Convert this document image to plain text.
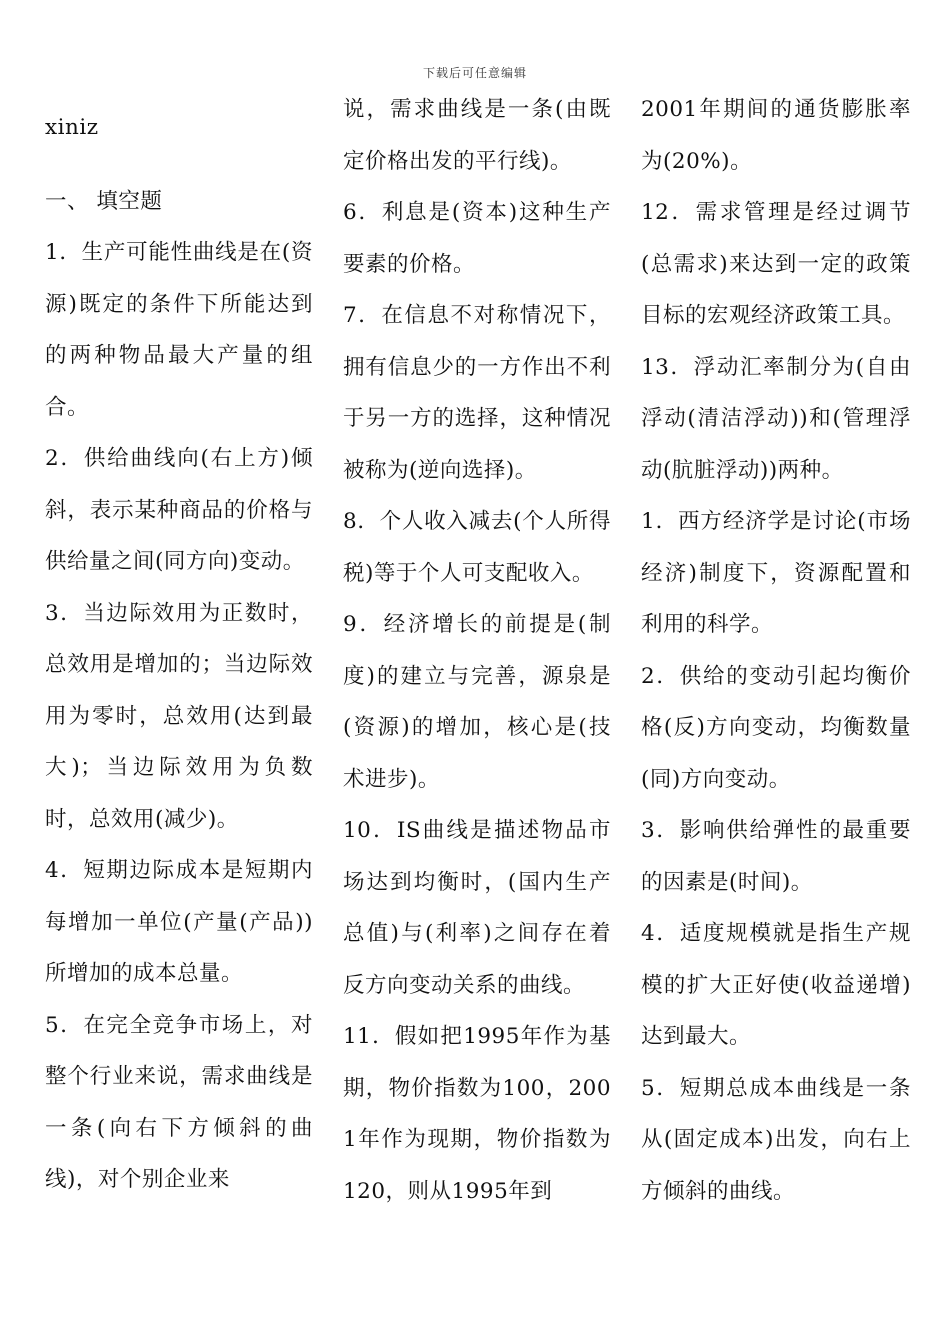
下载后可任意编辑

xiniz

一、 填空题

1．生产可能性曲线是在(资源)既定的条件下所能达到的两种物品最大产量的组合。

2．供给曲线向(右上方)倾斜，表示某种商品的价格与供给量之间(同方向)变动。

3．当边际效用为正数时，总效用是增加的；当边际效用为零时，总效用(达到最大)；当边际效用为负数时，总效用(减少)。

4．短期边际成本是短期内每增加一单位(产量(产品))所增加的成本总量。

5．在完全竞争市场上，对整个行业来说，需求曲线是一条(向右下方倾斜的曲线)，对个别企业来

说，需求曲线是一条(由既定价格出发的平行线)。

6．利息是(资本)这种生产要素的价格。

7．在信息不对称情况下，拥有信息少的一方作出不利于另一方的选择，这种情况被称为(逆向选择)。

8．个人收入减去(个人所得税)等于个人可支配收入。

9．经济增长的前提是(制度)的建立与完善，源泉是(资源)的增加，核心是(技术进步)。

10．IS曲线是描述物品市场达到均衡时，(国内生产总值)与(利率)之间存在着反方向变动关系的曲线。

11．假如把1995年作为基期，物价指数为100，2001年作为现期，物价指数为120，则从1995年到

2001年期间的通货膨胀率为(20%)。

12．需求管理是经过调节(总需求)来达到一定的政策目标的宏观经济政策工具。

13．浮动汇率制分为(自由浮动(清洁浮动))和(管理浮动(肮脏浮动))两种。

1．西方经济学是讨论(市场经济)制度下，资源配置和利用的科学。

2．供给的变动引起均衡价格(反)方向变动，均衡数量(同)方向变动。

3．影响供给弹性的最重要的因素是(时间)。

4．适度规模就是指生产规模的扩大正好使(收益递增) 达到最大。

5．短期总成本曲线是一条从(固定成本)出发，向右上方倾斜的曲线。
